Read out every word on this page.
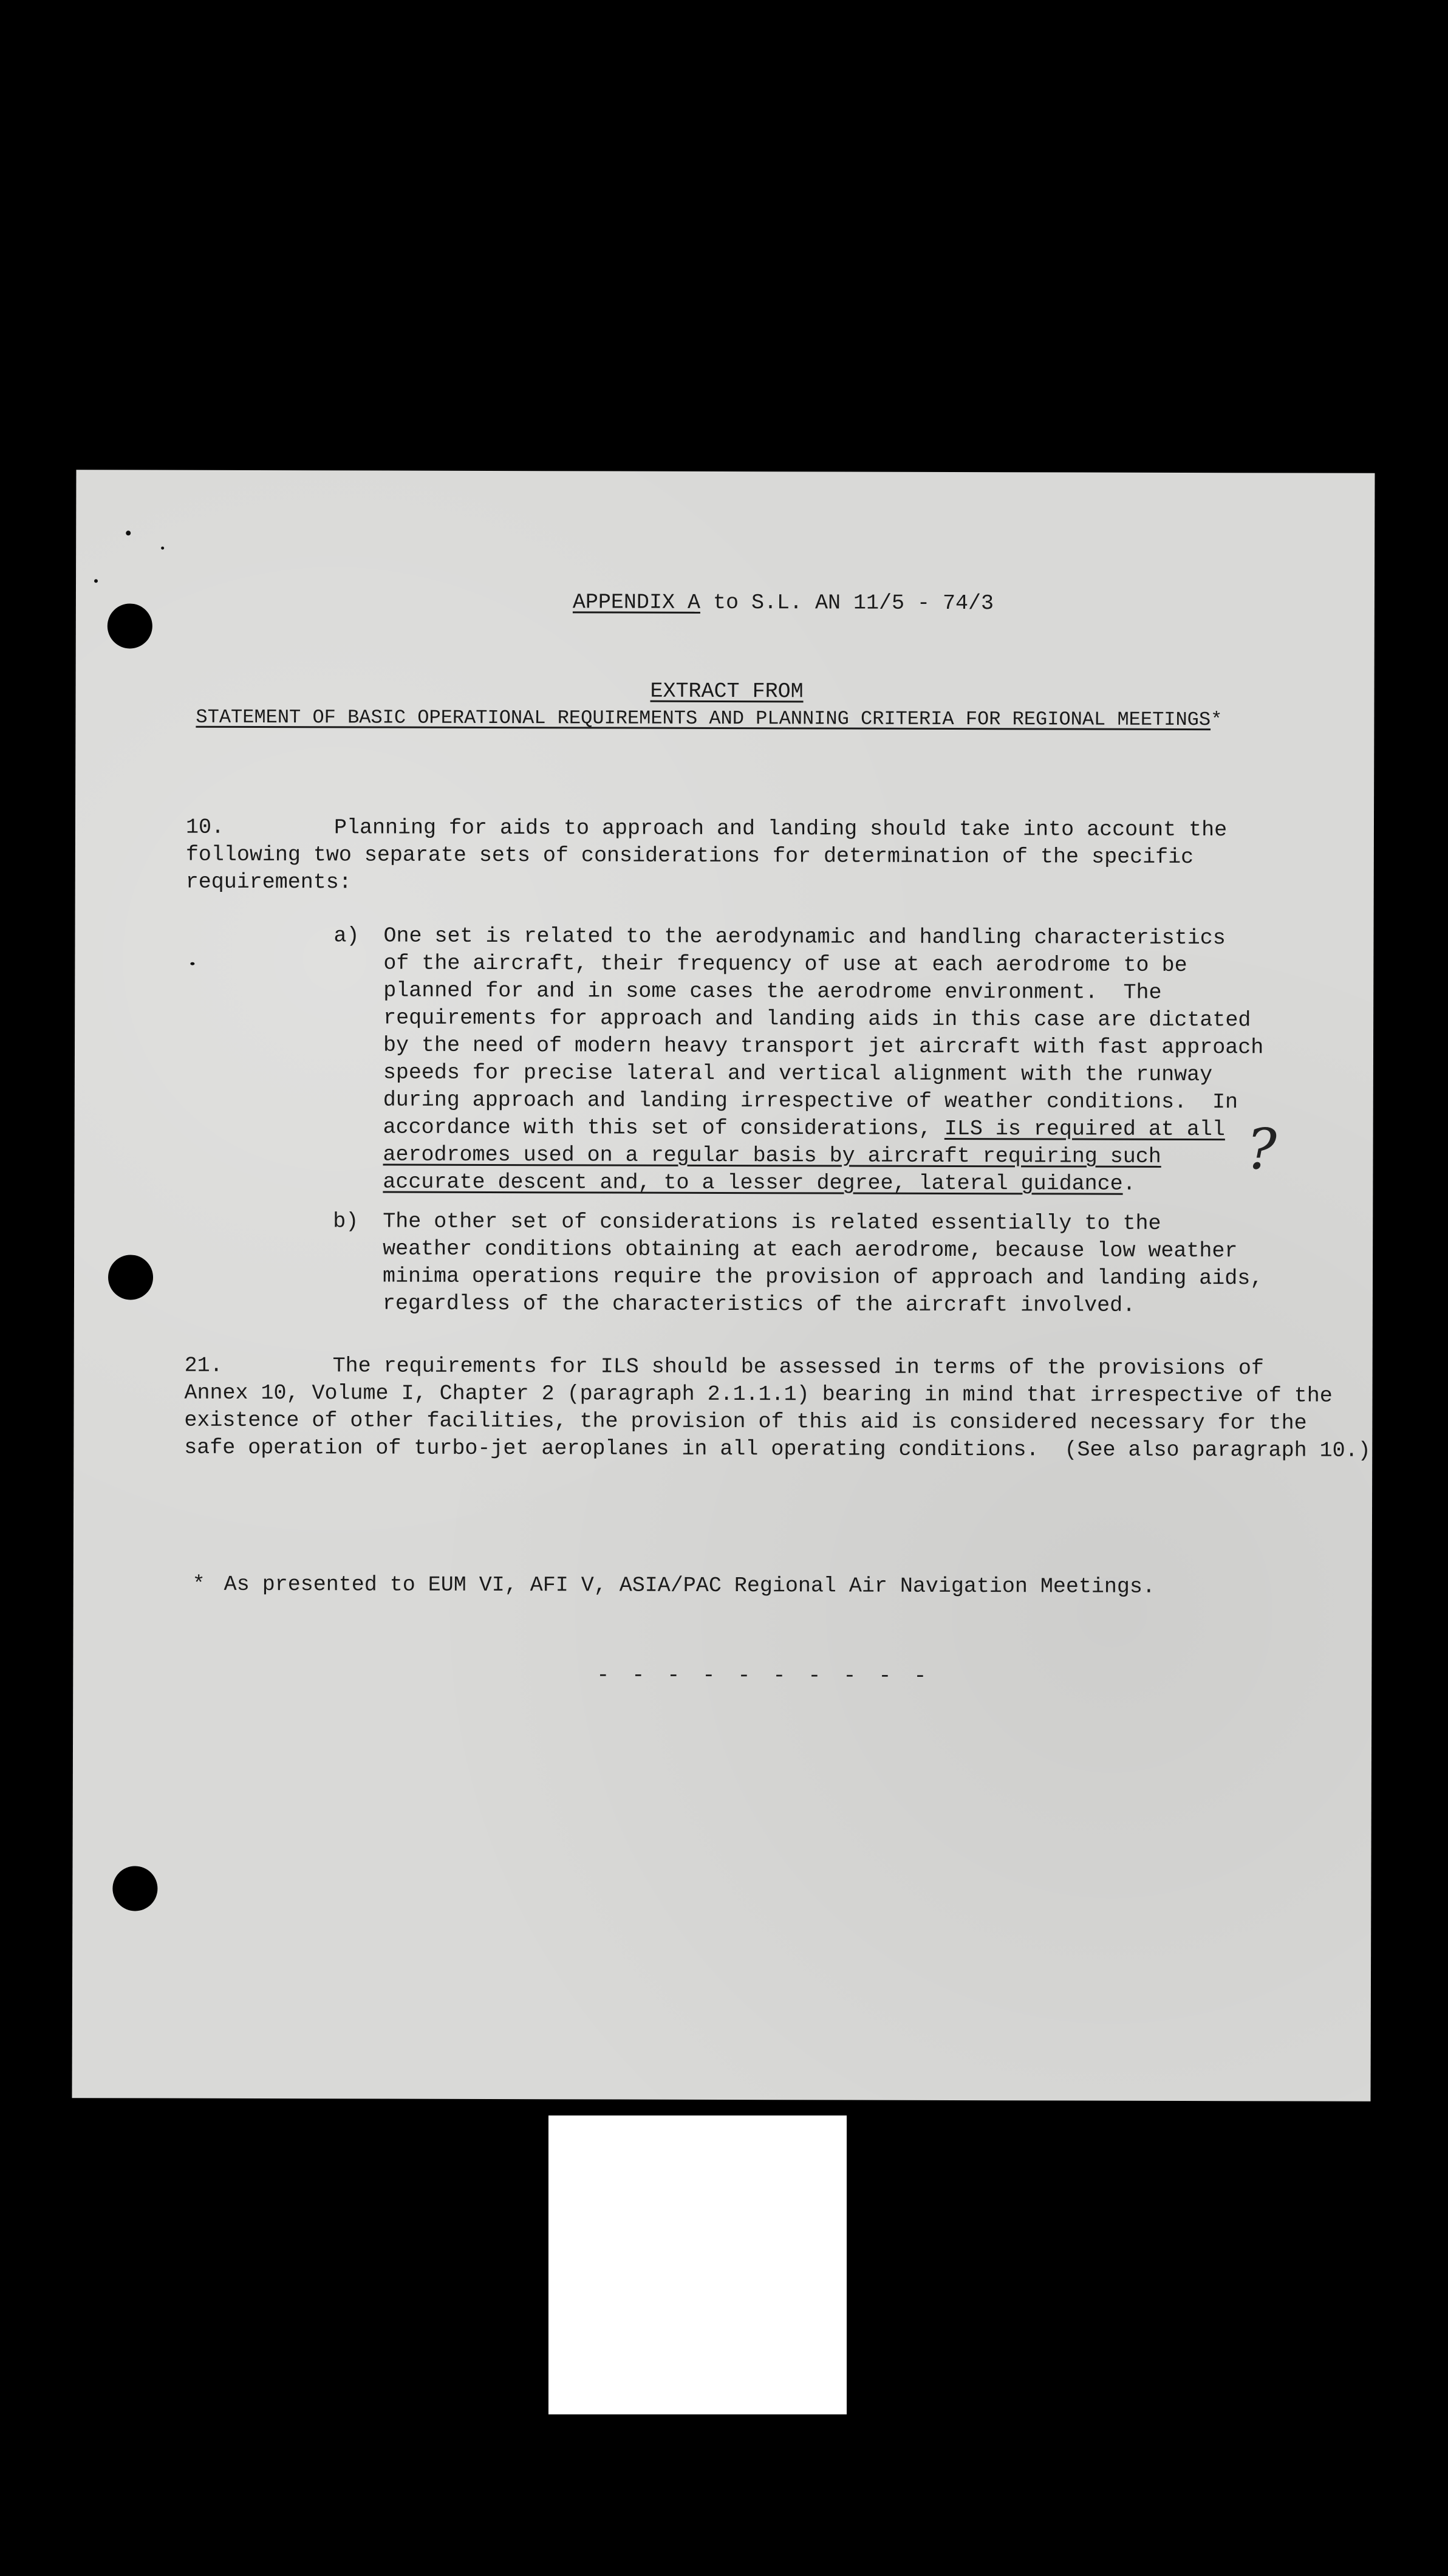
APPENDIX A to S.L. AN 11/5 - 74/3
EXTRACT FROM
STATEMENT OF BASIC OPERATIONAL REQUIREMENTS AND PLANNING CRITERIA FOR REGIONAL MEETINGS*
10.	Planning for aids to approach and landing should take into account the
following two separate sets of considerations for determination of the specific
requirements:
a) One set is related to the aerodynamic and handling characteristics
of the aircraft, their frequency of use at each aerodrome to be
planned for and in some cases the aerodrome environment.  The
requirements for approach and landing aids in this case are dictated
by the need of modern heavy transport jet aircraft with fast approach
speeds for precise lateral and vertical alignment with the runway
during approach and landing irrespective of weather conditions.  In
accordance with this set of considerations, ILS is required at all
aerodromes used on a regular basis by aircraft requiring such
accurate descent and, to a lesser degree, lateral guidance.
?
b) The other set of considerations is related essentially to the
weather conditions obtaining at each aerodrome, because low weather
minima operations require the provision of approach and landing aids,
regardless of the characteristics of the aircraft involved.
21.	The requirements for ILS should be assessed in terms of the provisions of
Annex 10, Volume I, Chapter 2 (paragraph 2.1.1.1) bearing in mind that irrespective of the
existence of other facilities, the provision of this aid is considered necessary for the
safe operation of turbo-jet aeroplanes in all operating conditions.  (See also paragraph 10.)
* As presented to EUM VI, AFI V, ASIA/PAC Regional Air Navigation Meetings.
- - - - - - - - - -
